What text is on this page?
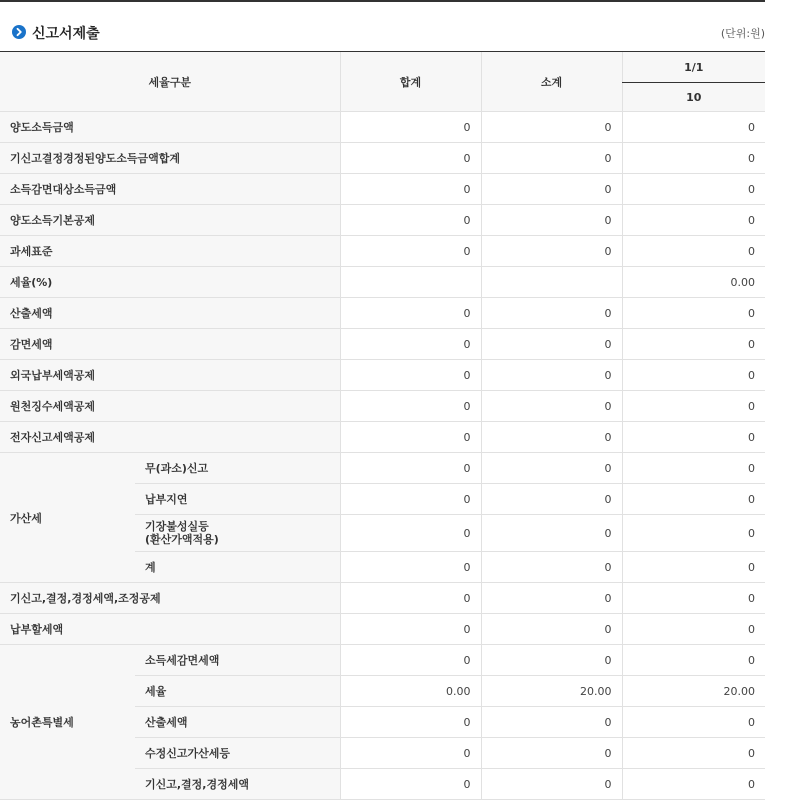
신고서제출	(단위:원)
세율구분		합계	소계	1/1
				10
양도소득금액		0	0	0
기신고결정경정된양도소득금액합계		0	0	0
소득감면대상소득금액		0	0	0
양도소득기본공제		0	0	0
과세표준		0	0	0
세율(%)				0.00
산출세액		0	0	0
감면세액		0	0	0
외국납부세액공제		0	0	0
원천징수세액공제		0	0	0
전자신고세액공제		0	0	0
가산세	무(과소)신고	0	0	0
	납부지연	0	0	0
	기장불성실등
(환산가액적용)	0	0	0
	계	0	0	0
기신고,결정,경정세액,조정공제		0	0	0
납부할세액		0	0	0
농어촌특별세	소득세감면세액	0	0	0
	세율	0.00	20.00	20.00
	산출세액	0	0	0
	수정신고가산세등	0	0	0
	기신고,결정,경정세액	0	0	0
